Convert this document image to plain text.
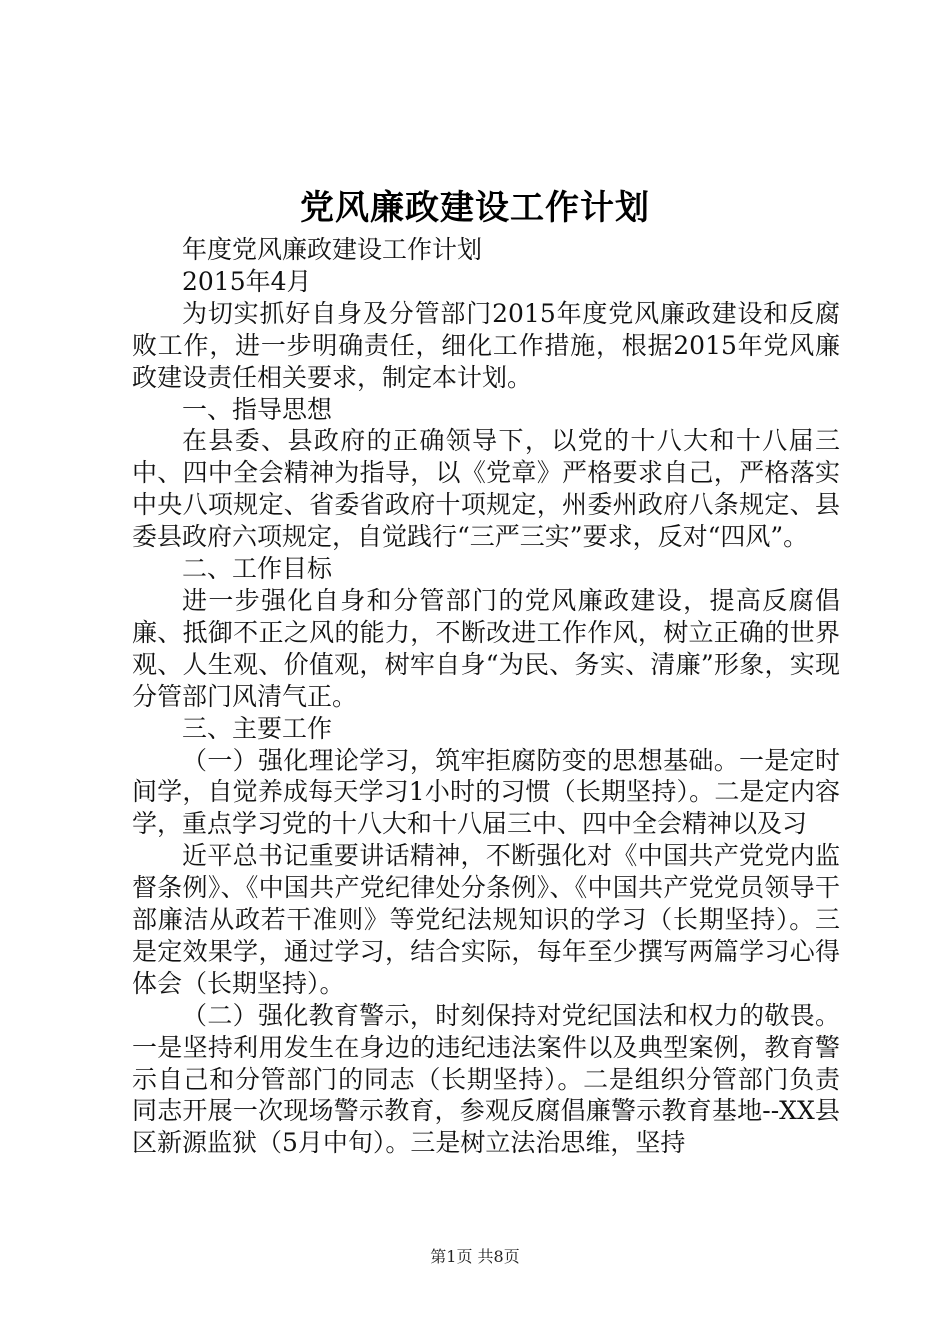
党风廉政建设工作计划

年度党风廉政建设工作计划

2015年4月

为切实抓好自身及分管部门2015年度党风廉政建设和反腐败工作，进一步明确责任，细化工作措施，根据2015年党风廉政建设责任相关要求，制定本计划。

一、指导思想

在县委、县政府的正确领导下，以党的十八大和十八届三中、四中全会精神为指导，以《党章》严格要求自己，严格落实中央八项规定、省委省政府十项规定，州委州政府八条规定、县委县政府六项规定，自觉践行“三严三实”要求，反对“四风”。

二、工作目标

进一步强化自身和分管部门的党风廉政建设，提高反腐倡廉、抵御不正之风的能力，不断改进工作作风，树立正确的世界观、人生观、价值观，树牢自身“为民、务实、清廉”形象，实现分管部门风清气正。

三、主要工作

（一）强化理论学习，筑牢拒腐防变的思想基础。一是定时间学，自觉养成每天学习1小时的习惯（长期坚持）。二是定内容学，重点学习党的十八大和十八届三中、四中全会精神以及习

近平总书记重要讲话精神，不断强化对《中国共产党党内监督条例》、《中国共产党纪律处分条例》、《中国共产党党员领导干部廉洁从政若干准则》等党纪法规知识的学习（长期坚持）。三是定效果学，通过学习，结合实际，每年至少撰写两篇学习心得体会（长期坚持）。

（二）强化教育警示，时刻保持对党纪国法和权力的敬畏。一是坚持利用发生在身边的违纪违法案件以及典型案例，教育警示自己和分管部门的同志（长期坚持）。二是组织分管部门负责同志开展一次现场警示教育，参观反腐倡廉警示教育基地--XX县区新源监狱（5月中旬）。三是树立法治思维，坚持

第1页 共8页
